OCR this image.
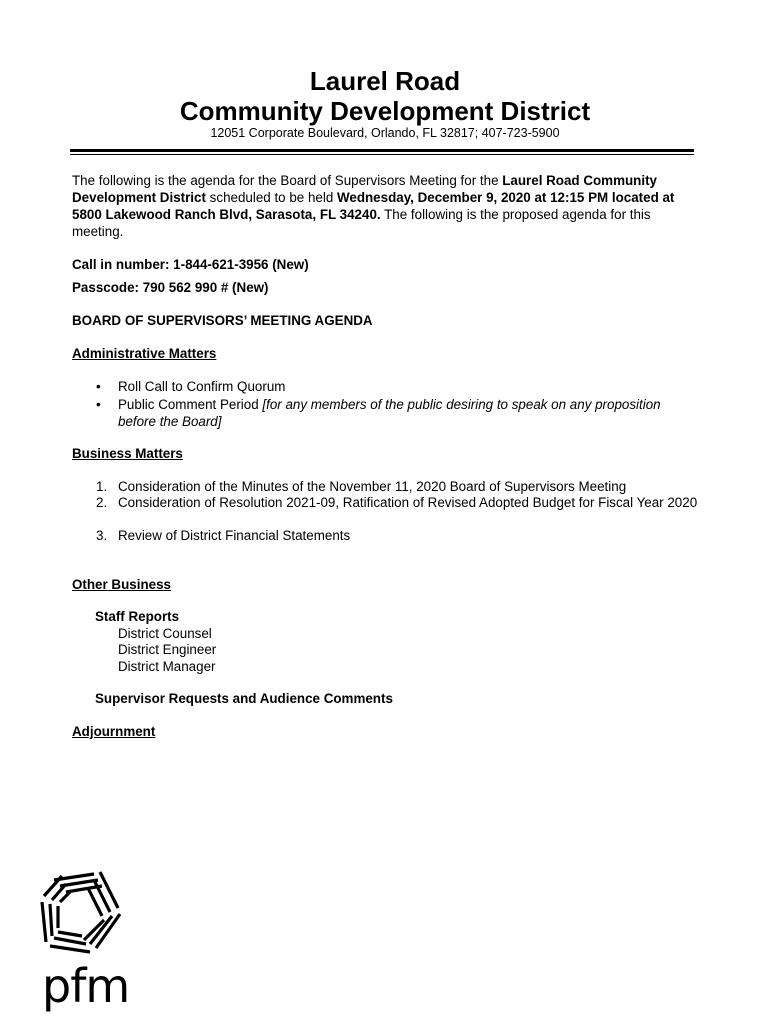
Laurel Road
Community Development District
12051 Corporate Boulevard, Orlando, FL 32817; 407-723-5900
The following is the agenda for the Board of Supervisors Meeting for the Laurel Road Community Development District scheduled to be held Wednesday, December 9, 2020 at 12:15 PM located at 5800 Lakewood Ranch Blvd, Sarasota, FL 34240. The following is the proposed agenda for this meeting.
Call in number: 1-844-621-3956 (New)
Passcode: 790 562 990 # (New)
BOARD OF SUPERVISORS’ MEETING AGENDA
Administrative Matters
• Roll Call to Confirm Quorum
• Public Comment Period [for any members of the public desiring to speak on any proposition before the Board]
Business Matters
1. Consideration of the Minutes of the November 11, 2020 Board of Supervisors Meeting
2. Consideration of Resolution 2021-09, Ratification of Revised Adopted Budget for Fiscal Year 2020
3. Review of District Financial Statements
Other Business
Staff Reports
District Counsel
District Engineer
District Manager
Supervisor Requests and Audience Comments
Adjournment
pfm
